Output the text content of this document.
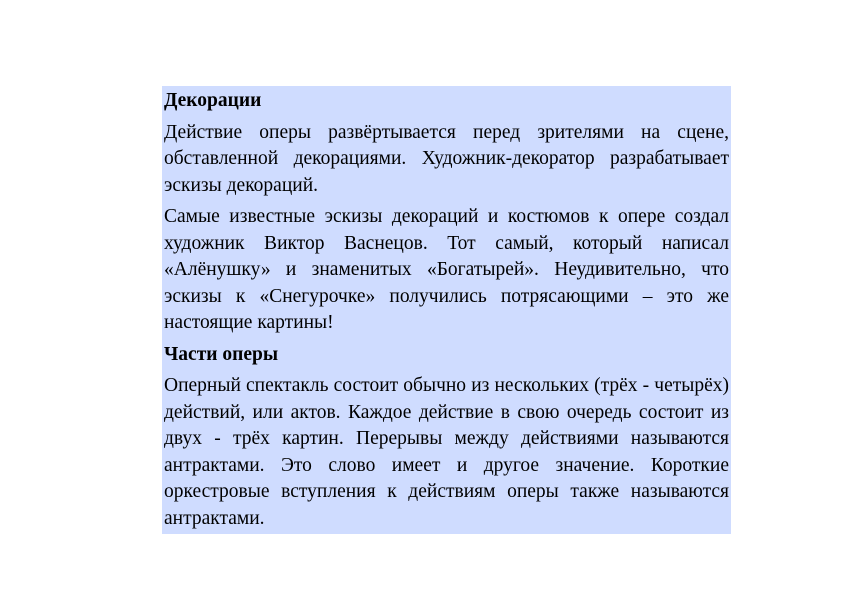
Декорации

Действие оперы развёртывается перед зрителями на сцене, обставленной декорациями. Художник-декоратор разрабатывает эскизы декораций.

Самые известные эскизы декораций и костюмов к опере создал художник Виктор Васнецов. Тот самый, который написал «Алёнушку» и знаменитых «Богатырей». Неудивительно, что эскизы к «Снегурочке» получились потрясающими – это же настоящие картины!

Части оперы

Оперный спектакль состоит обычно из нескольких (трёх - четырёх) действий, или актов. Каждое действие в свою очередь состоит из двух - трёх картин. Перерывы между действиями называются антрактами. Это слово имеет и другое значение. Короткие оркестровые вступления к действиям оперы также называются антрактами.
